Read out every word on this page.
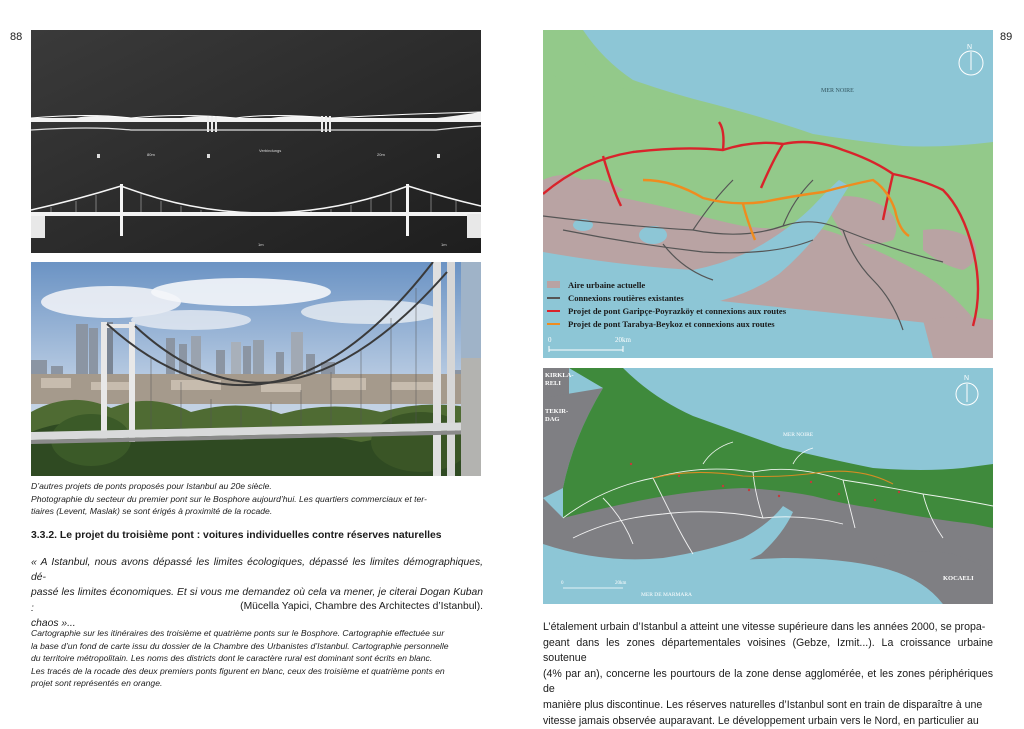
88	89
80m
Verbindungs
20m
1m	1m
D’autres projets de ponts proposés pour Istanbul au 20e siècle.
Photographie du secteur du premier pont sur le Bosphore aujourd’hui. Les quartiers commerciaux et ter-
tiaires (Levent, Maslak) se sont érigés à proximité de la rocade.
3.3.2. Le projet du troisième pont : voitures individuelles contre réserves naturelles
« A Istanbul, nous avons dépassé les limites écologiques, dépassé les limites démographiques, dé-
passé les limites économiques. Et si vous me demandez où cela va mener, je citerai Dogan Kuban :
chaos »...
(Mücella Yapici, Chambre des Architectes d’Istanbul).
Cartographie sur les itinéraires des troisième et quatrième ponts sur le Bosphore. Cartographie effectuée sur
la base d’un fond de carte issu du dossier de la Chambre des Urbanistes d’Istanbul. Cartographie personnelle
du territoire métropolitain. Les noms des districts dont le caractère rural est dominant sont écrits en blanc.
Les tracés de la rocade des deux premiers ponts figurent en blanc, ceux des troisième et quatrième ponts en
projet sont représentés en orange.
MER NOIRE
N
0	20km
Aire urbaine actuelle
Connexions routières existantes
Projet de pont Garipçe-Poyrazköy et connexions aux routes
Projet de pont Tarabya-Beykoz et connexions aux routes
KIRKLA-
RELI
TEKIR-
DAG
MER NOIRE
MER DE MARMARA
KOCAELI
N
0	20km
L’étalement urbain d’Istanbul a atteint une vitesse supérieure dans les années 2000, se propa-
geant dans les zones départementales voisines (Gebze, Izmit...). La croissance urbaine soutenue
(4% par an), concerne les pourtours de la zone dense agglomérée, et les zones périphériques de
manière plus discontinue. Les réserves naturelles d’Istanbul sont en train de disparaître à une
vitesse jamais observée auparavant. Le développement urbain vers le Nord, en particulier au
